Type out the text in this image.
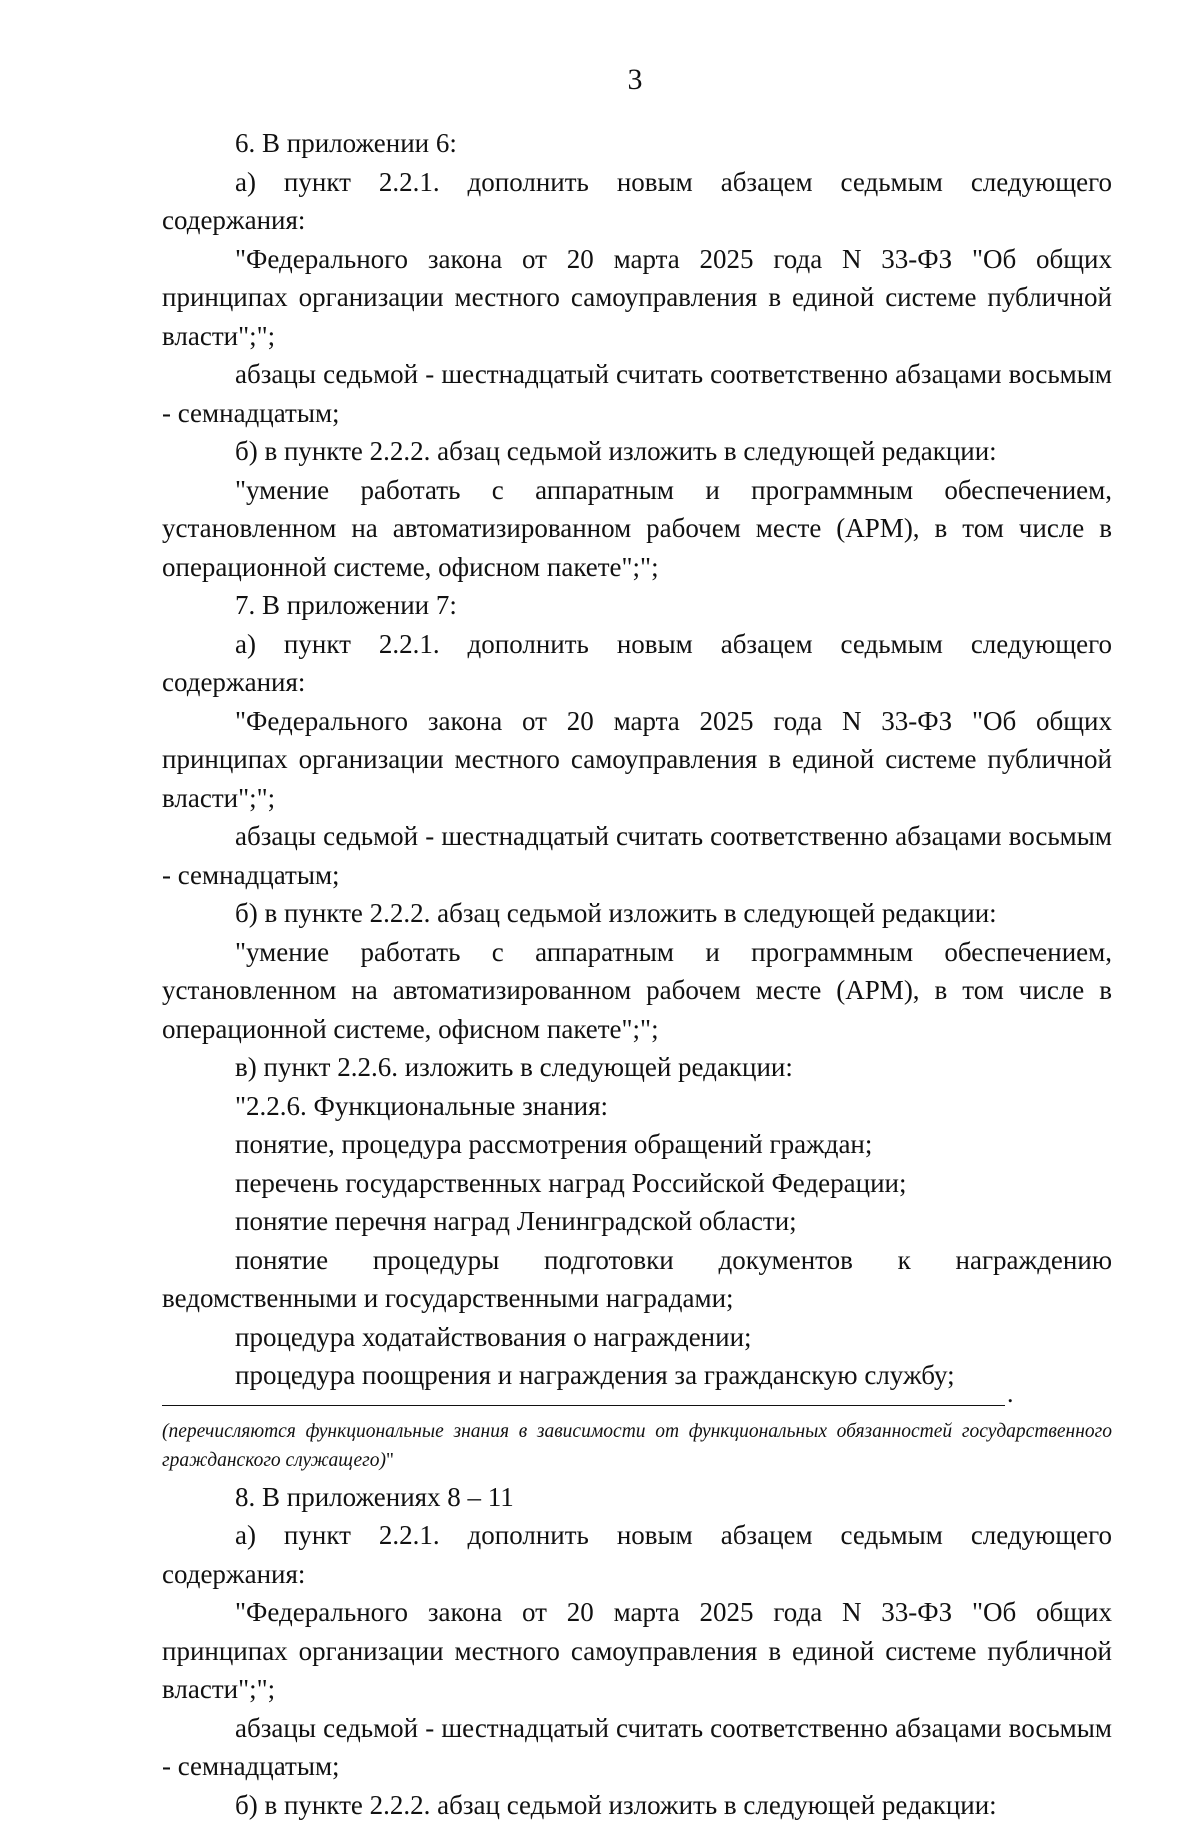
3

6. В приложении 6:

а) пункт 2.2.1. дополнить новым абзацем седьмым следующего содержания:

"Федерального закона от 20 марта 2025 года N 33-ФЗ "Об общих принципах организации местного самоуправления в единой системе публичной власти";";

абзацы седьмой - шестнадцатый считать соответственно абзацами восьмым - семнадцатым;

б) в пункте 2.2.2. абзац седьмой изложить в следующей редакции:

"умение работать с аппаратным и программным обеспечением, установленном на автоматизированном рабочем месте (АРМ), в том числе в операционной системе, офисном пакете";";

7. В приложении 7:

а) пункт 2.2.1. дополнить новым абзацем седьмым следующего содержания:

"Федерального закона от 20 марта 2025 года N 33-ФЗ "Об общих принципах организации местного самоуправления в единой системе публичной власти";";

абзацы седьмой - шестнадцатый считать соответственно абзацами восьмым - семнадцатым;

б) в пункте 2.2.2. абзац седьмой изложить в следующей редакции:

"умение работать с аппаратным и программным обеспечением, установленном на автоматизированном рабочем месте (АРМ), в том числе в операционной системе, офисном пакете";";

в) пункт 2.2.6. изложить в следующей редакции:

"2.2.6. Функциональные знания:

понятие, процедура рассмотрения обращений граждан;

перечень государственных наград Российской Федерации;

понятие перечня наград Ленинградской области;

понятие процедуры подготовки документов к награждению ведомственными и государственными наградами;

процедура ходатайствования о награждении;

процедура поощрения и награждения за гражданскую службу;

.

(перечисляются функциональные знания в зависимости от функциональных обязанностей государственного гражданского служащего)"

8. В приложениях 8 – 11

а) пункт 2.2.1. дополнить новым абзацем седьмым следующего содержания:

"Федерального закона от 20 марта 2025 года N 33-ФЗ "Об общих принципах организации местного самоуправления в единой системе публичной власти";";

абзацы седьмой - шестнадцатый считать соответственно абзацами восьмым - семнадцатым;

б) в пункте 2.2.2. абзац седьмой изложить в следующей редакции:
